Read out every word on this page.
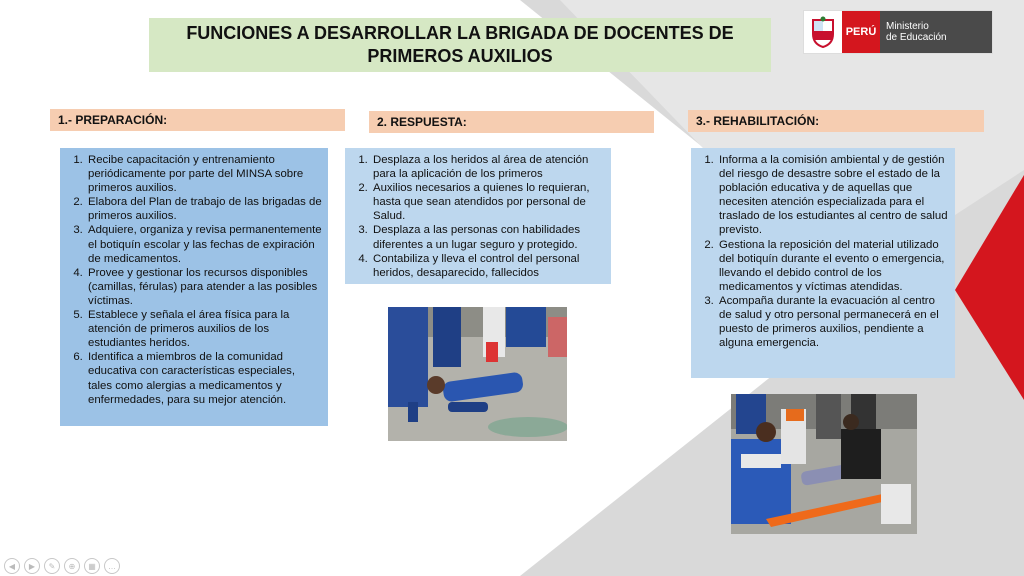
FUNCIONES A DESARROLLAR LA BRIGADA DE DOCENTES DE PRIMEROS AUXILIOS
PERÚ Ministerio
de Educación
1.- PREPARACIÓN:
1. Recibe capacitación y entrenamiento periódicamente por parte del MINSA sobre primeros auxilios.
2. Elabora del Plan de trabajo de las brigadas de primeros auxilios.
3. Adquiere, organiza y revisa permanentemente el botiquín escolar y las fechas de expiración de medicamentos.
4. Provee y gestionar los recursos disponibles (camillas, férulas) para atender a las posibles víctimas.
5. Establece y señala el área física para la atención de primeros auxilios de los estudiantes heridos.
6. Identifica a miembros de la comunidad educativa con características especiales, tales como alergias a medicamentos y enfermedades, para su mejor atención.
2. RESPUESTA:
1. Desplaza a los heridos al área de atención para la aplicación de los primeros
2. Auxilios necesarios a quienes lo requieran, hasta que sean atendidos por personal de Salud.
3. Desplaza a las personas con habilidades diferentes a un lugar seguro y protegido.
4. Contabiliza y lleva el control del personal heridos, desaparecido, fallecidos
3.- REHABILITACIÓN:
1. Informa a la comisión ambiental y de gestión del riesgo de desastre sobre el estado de la población educativa y de aquellas que necesiten atención especializada para el traslado de los estudiantes al centro de salud previsto.
2. Gestiona la reposición del material utilizado del botiquín durante el evento o emergencia, llevando el debido control de los medicamentos y víctimas atendidas.
3. Acompaña durante la evacuación al centro de salud y otro personal permanecerá en el puesto de primeros auxilios, pendiente a alguna emergencia.
◀	▶	✎	⊕	▦	…
